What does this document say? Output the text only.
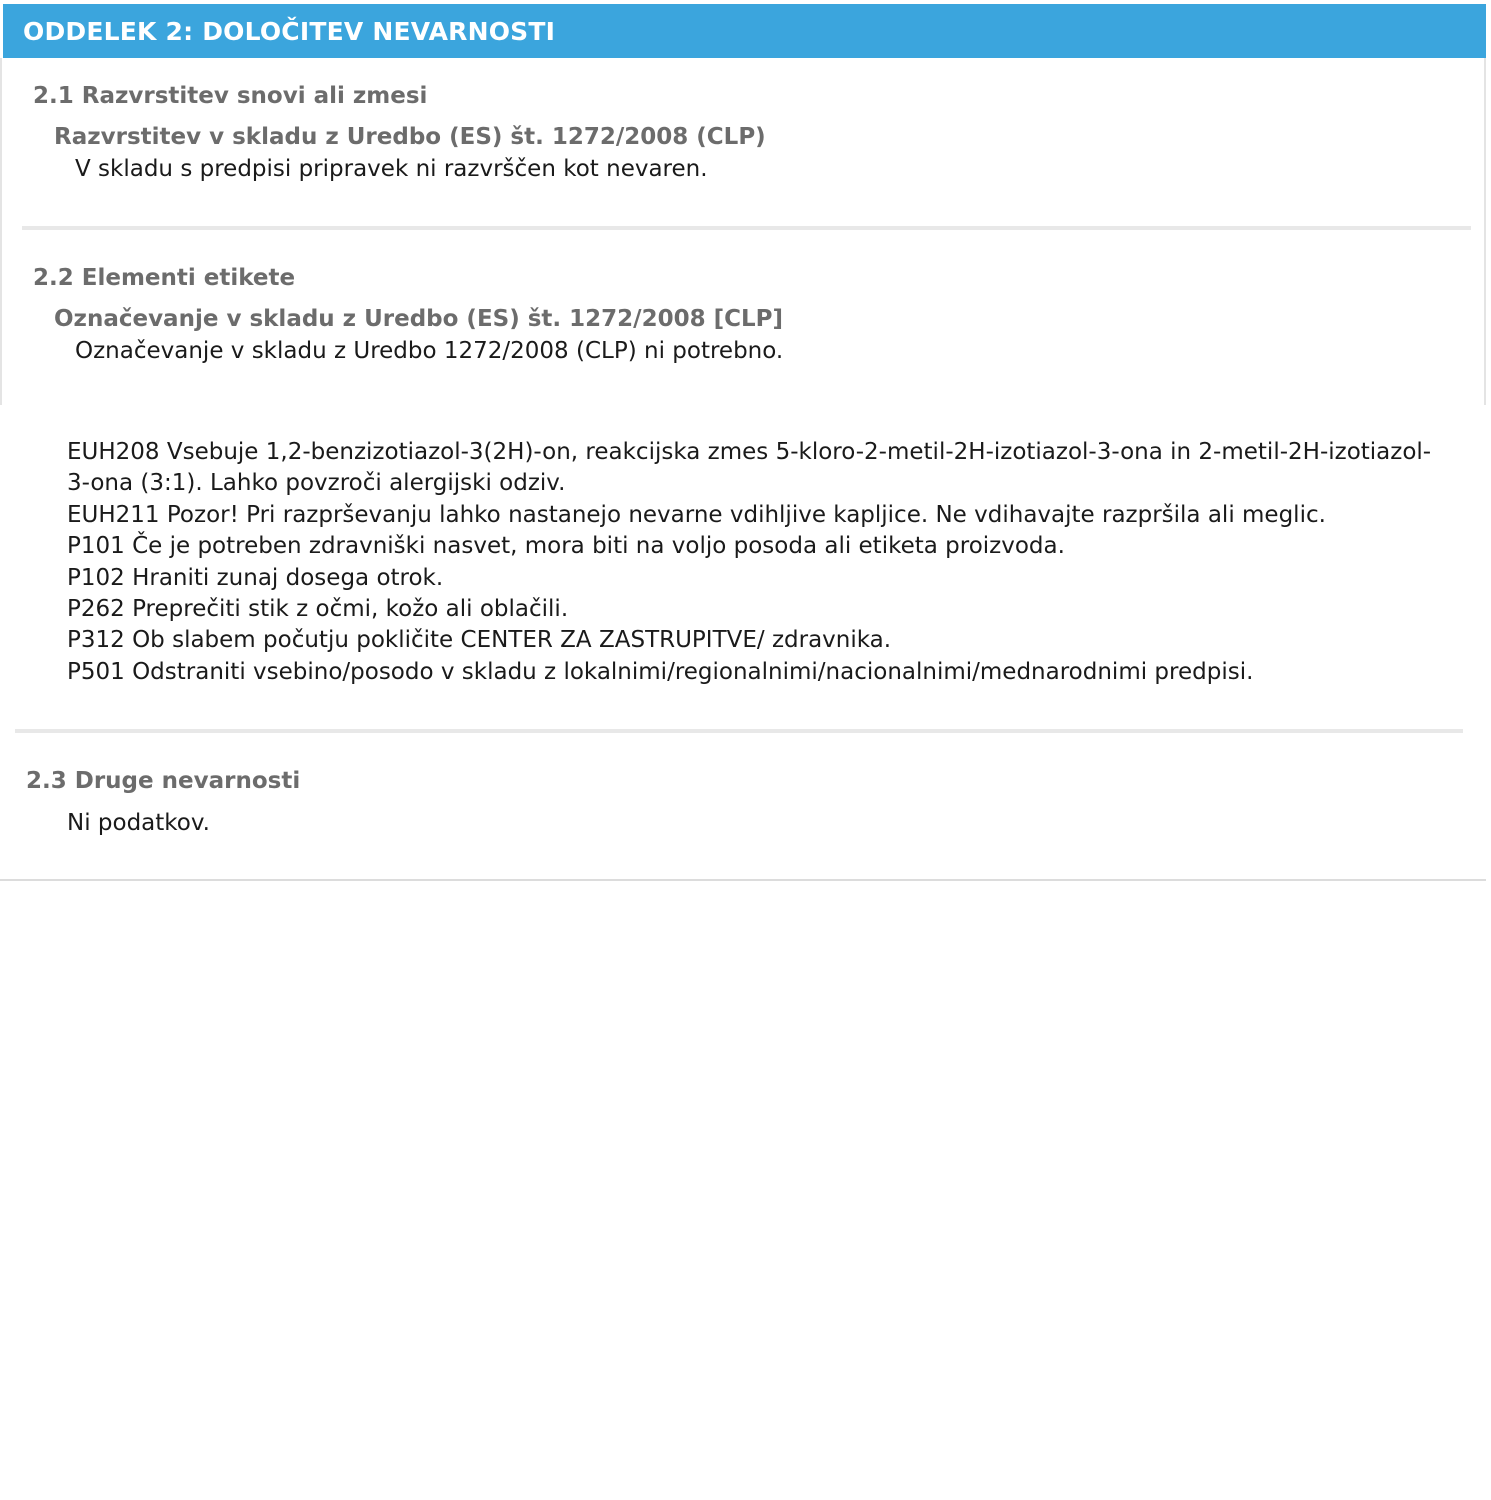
ODDELEK 2: DOLOČITEV NEVARNOSTI
2.1 Razvrstitev snovi ali zmesi
Razvrstitev v skladu z Uredbo (ES) št. 1272/2008 (CLP)
V skladu s predpisi pripravek ni razvrščen kot nevaren.
2.2 Elementi etikete
Označevanje v skladu z Uredbo (ES) št. 1272/2008 [CLP]
Označevanje v skladu z Uredbo 1272/2008 (CLP) ni potrebno.
EUH208 Vsebuje 1,2-benzizotiazol-3(2H)-on, reakcijska zmes 5-kloro-2-metil-2H-izotiazol-3-ona in 2-metil-2H-izotiazol-3-ona (3:1). Lahko povzroči alergijski odziv.
EUH211 Pozor! Pri razprševanju lahko nastanejo nevarne vdihljive kapljice. Ne vdihavajte razpršila ali meglic.
P101 Če je potreben zdravniški nasvet, mora biti na voljo posoda ali etiketa proizvoda.
P102 Hraniti zunaj dosega otrok.
P262 Preprečiti stik z očmi, kožo ali oblačili.
P312 Ob slabem počutju pokličite CENTER ZA ZASTRUPITVE/ zdravnika.
P501 Odstraniti vsebino/posodo v skladu z lokalnimi/regionalnimi/nacionalnimi/mednarodnimi predpisi.
2.3 Druge nevarnosti
Ni podatkov.
